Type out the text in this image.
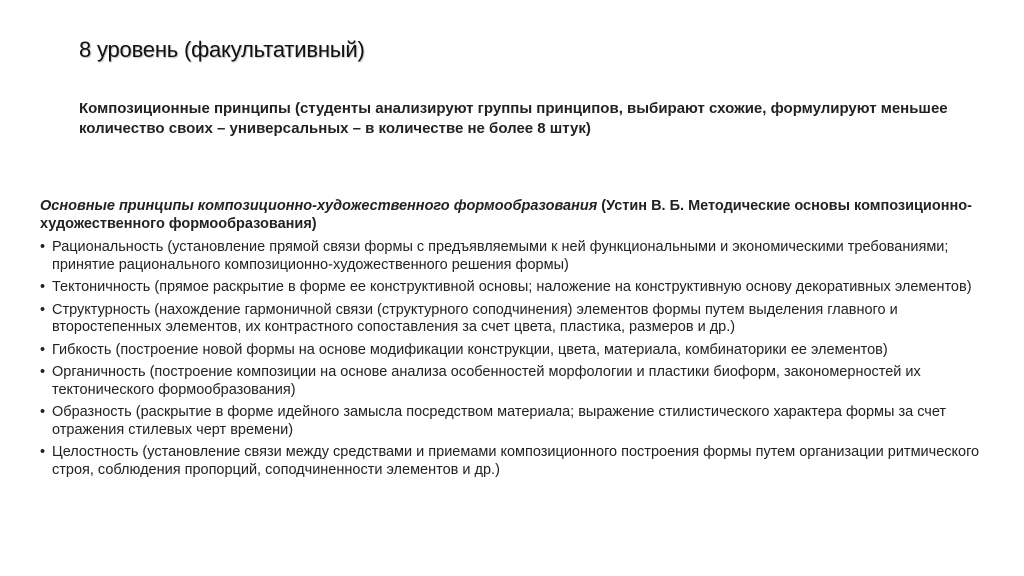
8 уровень (факультативный)
Композиционные принципы (студенты анализируют группы принципов, выбирают схожие, формулируют меньшее количество своих – универсальных – в количестве не более 8 штук)
Основные принципы композиционно-художественного формообразования (Устин В. Б. Методические основы композиционно-художественного формообразования)
• Рациональность (установление прямой связи формы с предъявляемыми к ней функциональными и экономическими требованиями; принятие рационального композиционно-художественного решения формы)
• Тектоничность (прямое раскрытие в форме ее конструктивной основы; наложение на конструктивную основу декоративных элементов)
• Структурность (нахождение гармоничной связи (структурного соподчинения) элементов формы путем выделения главного и второстепенных элементов, их контрастного сопоставления за счет цвета, пластика, размеров и др.)
• Гибкость (построение новой формы на основе модификации конструкции, цвета, материала, комбинаторики ее элементов)
• Органичность (построение композиции на основе анализа особенностей морфологии и пластики биоформ, закономерностей их тектонического формообразования)
• Образность (раскрытие в форме идейного замысла посредством материала; выражение стилистического характера формы за счет отражения стилевых черт времени)
• Целостность (установление связи между средствами и приемами композиционного построения формы путем организации ритмического строя, соблюдения пропорций, соподчиненности элементов и др.)
